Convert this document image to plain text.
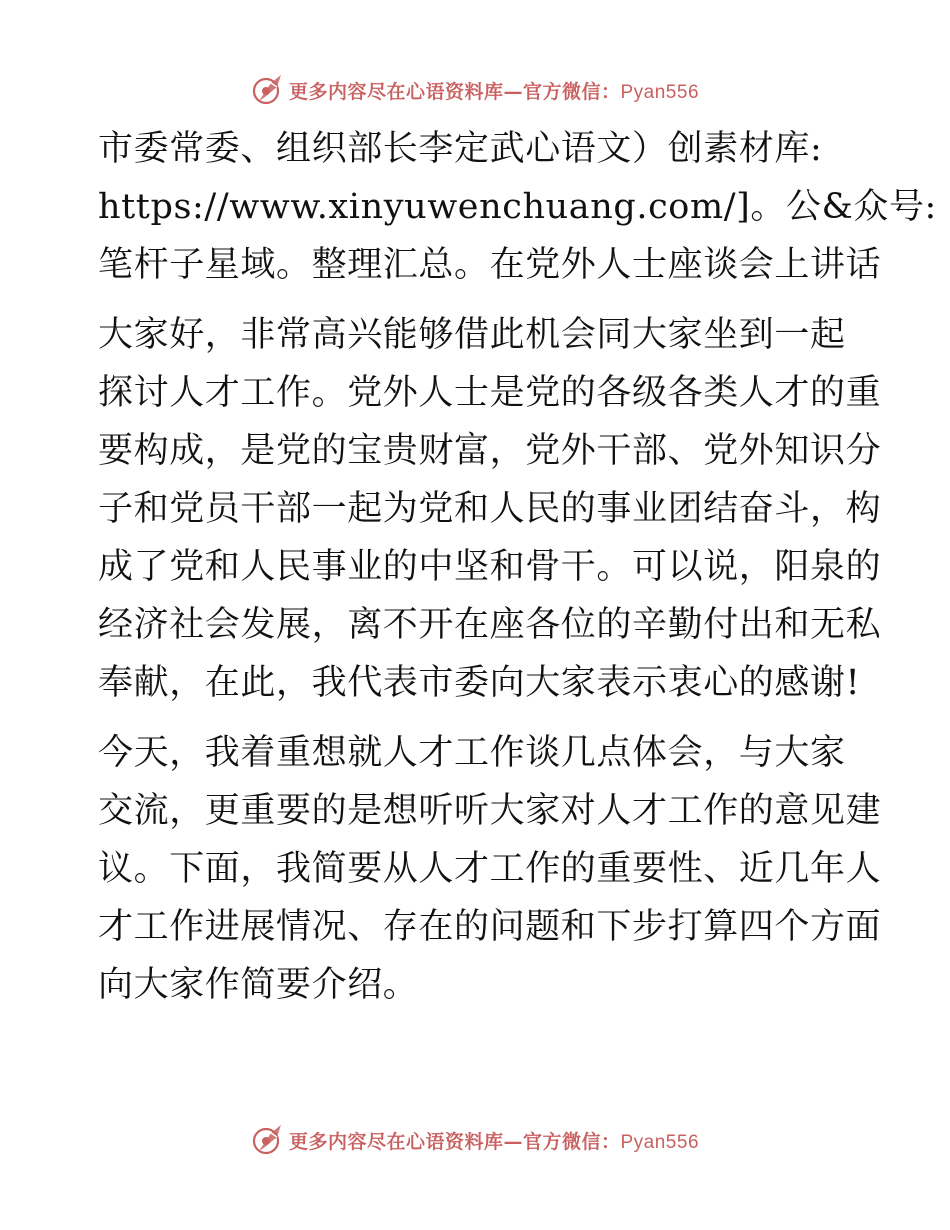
更多内容尽在心语资料库—官方微信：Pyan556

市委常委、组织部长李定武心语文）创素材库:
https://www.xinyuwenchuang.com/]。公&众号:
笔杆子星域。整理汇总。在党外人士座谈会上讲话

大家好，非常高兴能够借此机会同大家坐到一起
探讨人才工作。党外人士是党的各级各类人才的重
要构成，是党的宝贵财富，党外干部、党外知识分
子和党员干部一起为党和人民的事业团结奋斗，构
成了党和人民事业的中坚和骨干。可以说，阳泉的
经济社会发展，离不开在座各位的辛勤付出和无私
奉献，在此，我代表市委向大家表示衷心的感谢!

今天，我着重想就人才工作谈几点体会，与大家
交流，更重要的是想听听大家对人才工作的意见建
议。下面，我简要从人才工作的重要性、近几年人
才工作进展情况、存在的问题和下步打算四个方面
向大家作简要介绍。

更多内容尽在心语资料库—官方微信：Pyan556
